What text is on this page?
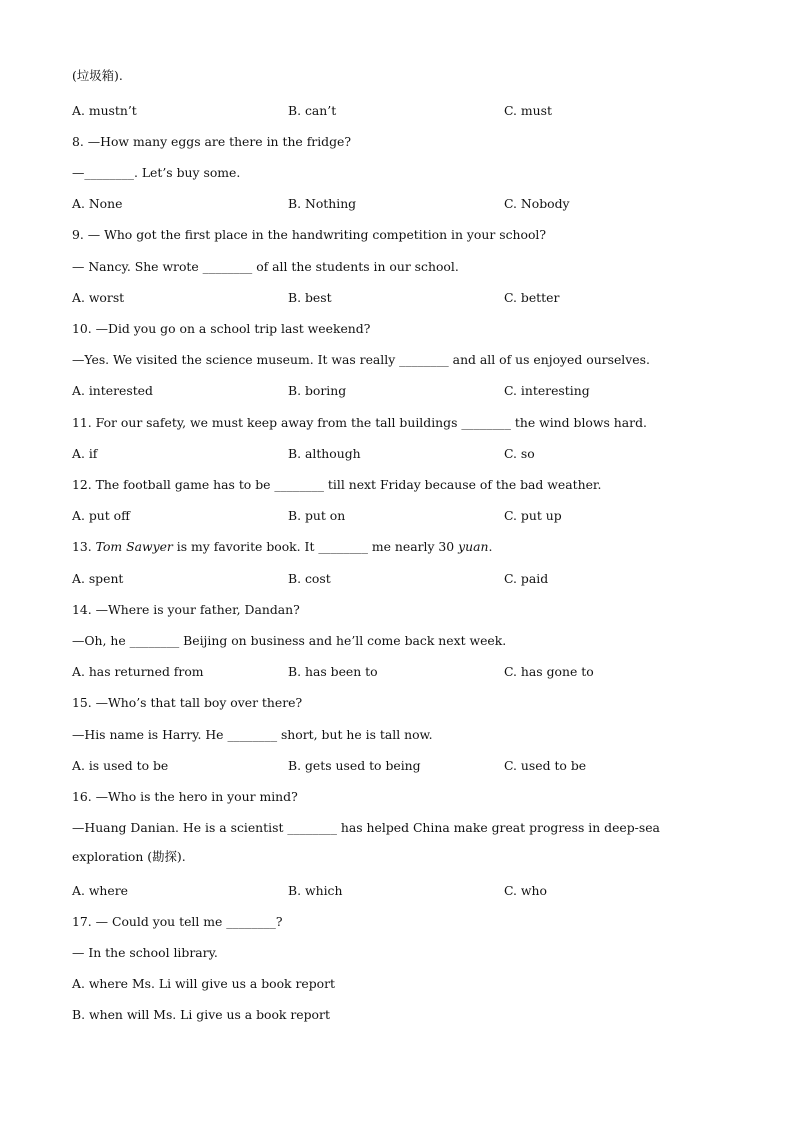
(垃圾箱).
A. mustn’t	B. can’t	C. must
8. —How many eggs are there in the fridge?
—________. Let’s buy some.
A. None	B. Nothing	C. Nobody
9. — Who got the first place in the handwriting competition in your school?
— Nancy. She wrote ________ of all the students in our school.
A. worst	B. best	C. better
10. —Did you go on a school trip last weekend?
—Yes. We visited the science museum. It was really ________ and all of us enjoyed ourselves.
A. interested	B. boring	C. interesting
11. For our safety, we must keep away from the tall buildings ________ the wind blows hard.
A. if	B. although	C. so
12. The football game has to be ________ till next Friday because of the bad weather.
A. put off	B. put on	C. put up
13. Tom Sawyer is my favorite book. It ________ me nearly 30 yuan.
A. spent	B. cost	C. paid
14. —Where is your father, Dandan?
—Oh, he ________ Beijing on business and he’ll come back next week.
A. has returned from	B. has been to	C. has gone to
15. —Who’s that tall boy over there?
—His name is Harry. He ________ short, but he is tall now.
A. is used to be	B. gets used to being	C. used to be
16. —Who is the hero in your mind?
—Huang Danian. He is a scientist ________ has helped China make great progress in deep-sea exploration (勘探).
A. where	B. which	C. who
17. — Could you tell me ________?
— In the school library.
A. where Ms. Li will give us a book report
B. when will Ms. Li give us a book report
